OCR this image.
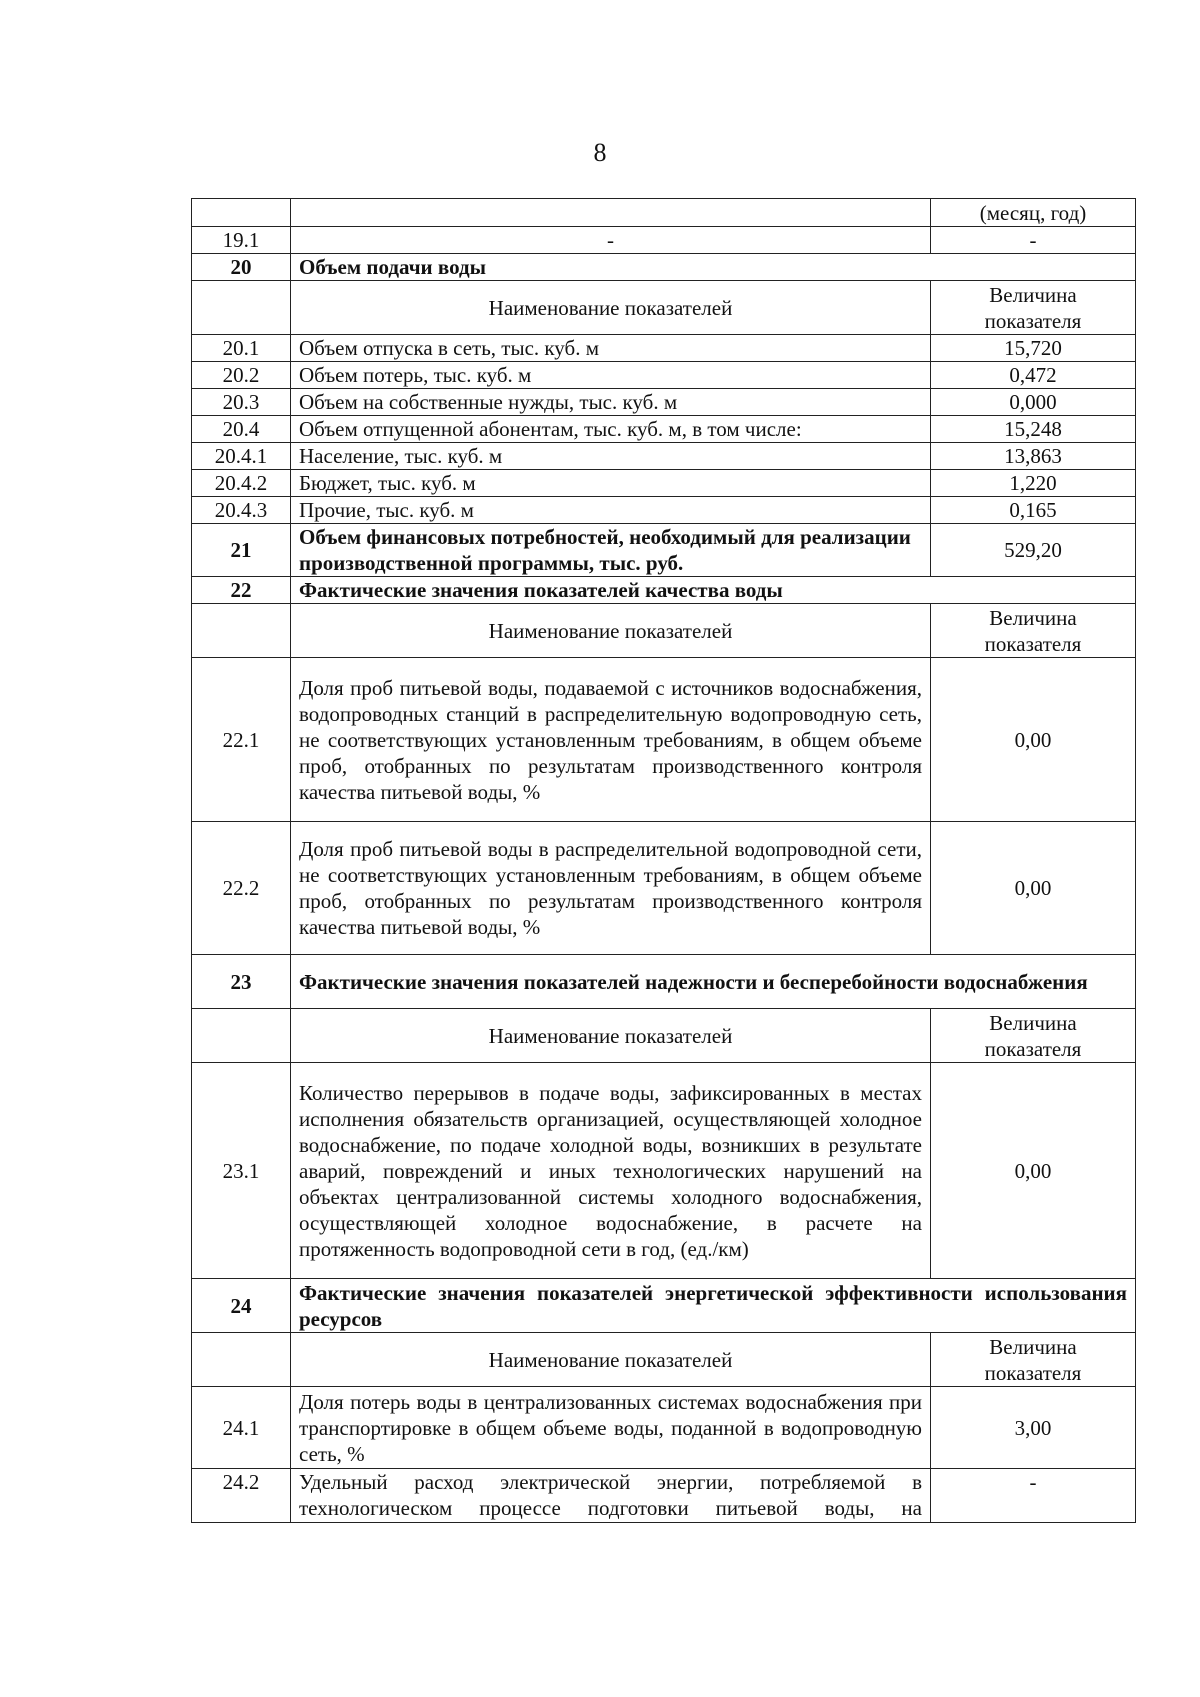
8
		(месяц, год)
19.1	-	-
20	Объем подачи воды	
	Наименование показателей	Величина
показателя

20.1	Объем отпуска в сеть, тыс. куб. м	15,720
20.2	Объем потерь, тыс. куб. м	0,472
20.3	Объем на собственные нужды, тыс. куб. м	0,000
20.4	Объем отпущенной абонентам, тыс. куб. м, в том числе:	15,248
20.4.1	Население, тыс. куб. м	13,863
20.4.2	Бюджет, тыс. куб. м	1,220
20.4.3	Прочие, тыс. куб. м	0,165
21	Объем финансовых потребностей, необходимый для реализации производственной программы, тыс. руб.	529,20
22	Фактические значения показателей качества воды	
	Наименование показателей	Величина
показателя

22.1	Доля проб питьевой воды, подаваемой с источников водоснабжения, водопроводных станций в распределительную водопроводную сеть, не соответствующих установленным требованиям, в общем объеме проб, отобранных по результатам производственного контроля качества питьевой воды, %	0,00
22.2	Доля проб питьевой воды в распределительной водопроводной сети, не соответствующих установленным требованиям, в общем объеме проб, отобранных по результатам производственного контроля качества питьевой воды, %	0,00
23	Фактические значения показателей надежности и бесперебойности водоснабжения	
	Наименование показателей	Величина
показателя

23.1	Количество перерывов в подаче воды, зафиксированных в местах исполнения обязательств организацией, осуществляющей холодное водоснабжение, по подаче холодной воды, возникших в результате аварий, повреждений и иных технологических нарушений на объектах централизованной системы холодного водоснабжения, осуществляющей холодное водоснабжение, в расчете на протяженность водопроводной сети в год, (ед./км)	0,00
24	Фактические значения показателей энергетической эффективности использования ресурсов	
	Наименование показателей	Величина
показателя

24.1	Доля потерь воды в централизованных системах водоснабжения при транспортировке в общем объеме воды, поданной в водопроводную сеть, %	3,00
24.2	Удельный расход электрической энергии, потребляемой в технологическом процессе подготовки питьевой воды, на	-
